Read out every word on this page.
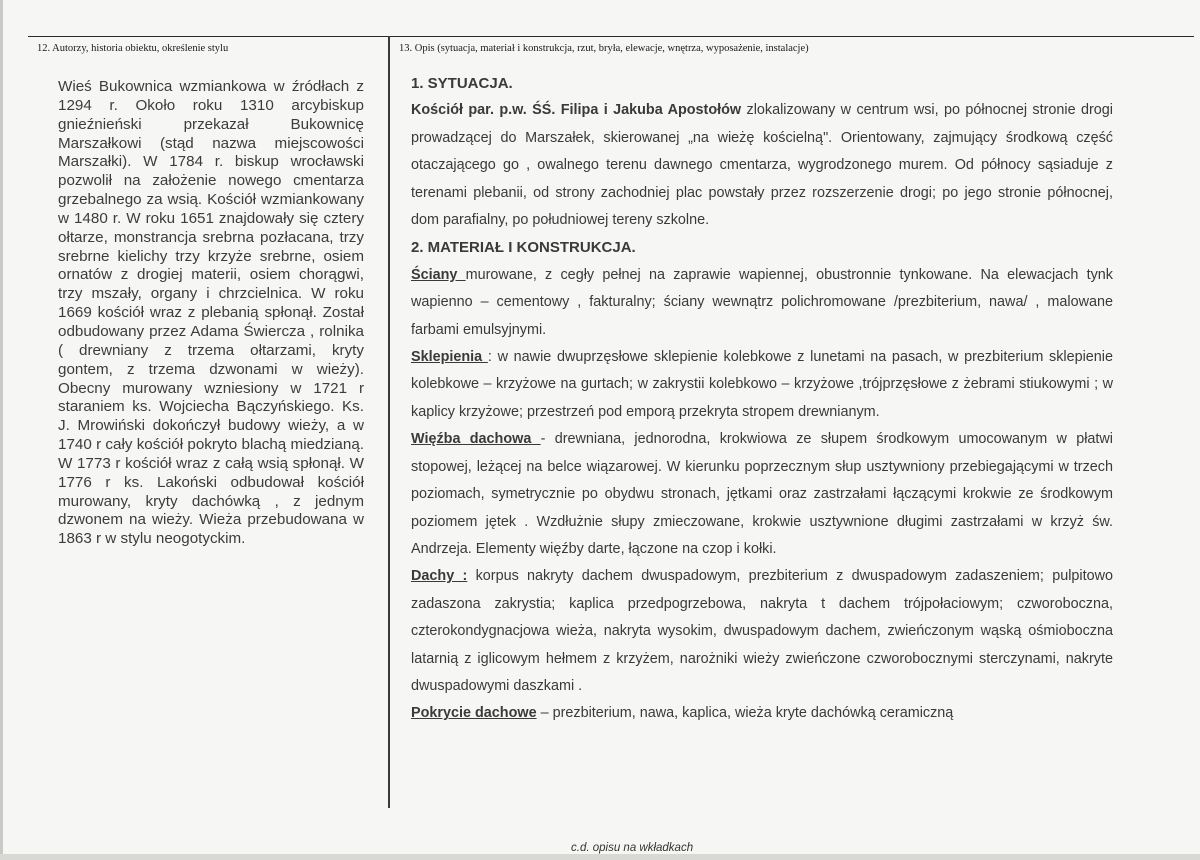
12. Autorzy, historia obiektu, określenie stylu	13. Opis (sytuacja, materiał i konstrukcja, rzut, bryła, elewacje, wnętrza, wyposażenie, instalacje)
Wieś Bukownica wzmiankowa w źródłach z 1294 r. Około roku 1310 arcybiskup gnieźnieński przekazał Bukownicę Marszałkowi (stąd nazwa miejscowości Marszałki). W 1784 r. biskup wrocławski pozwolił na założenie nowego cmentarza grzebalnego za wsią. Kościół wzmiankowany w 1480 r. W roku 1651 znajdowały się cztery ołtarze, monstrancja srebrna pozłacana, trzy srebrne kielichy trzy krzyże srebrne, osiem ornatów z drogiej materii, osiem chorągwi, trzy mszały, organy i chrzcielnica. W roku 1669 kościół wraz z plebanią spłonął. Został odbudowany przez Adama Świercza , rolnika ( drewniany z trzema ołtarzami, kryty gontem, z trzema dzwonami w wieży). Obecny murowany wzniesiony w 1721 r staraniem ks. Wojciecha Bączyńskiego. Ks. J. Mrowiński dokończył budowy wieży, a w 1740 r cały kościół pokryto blachą miedzianą. W 1773 r kościół wraz z całą wsią spłonął. W 1776 r ks. Lakoński odbudował kościół murowany, kryty dachówką , z jednym dzwonem na wieży. Wieża przebudowana w 1863 r w stylu neogotyckim.

1. SYTUACJA.

Kościół par. p.w. ŚŚ. Filipa i Jakuba Apostołów zlokalizowany w centrum wsi, po północnej stronie drogi prowadzącej do Marszałek, skierowanej „na wieżę kościelną". Orientowany, zajmujący środkową część otaczającego go , owalnego terenu dawnego cmentarza, wygrodzonego murem. Od północy sąsiaduje z terenami plebanii, od strony zachodniej plac powstały przez rozszerzenie drogi; po jego stronie północnej, dom parafialny, po południowej tereny szkolne.

2. MATERIAŁ I KONSTRUKCJA.

Ściany murowane, z cegły pełnej na zaprawie wapiennej, obustronnie tynkowane. Na elewacjach tynk wapienno – cementowy , fakturalny; ściany wewnątrz polichromowane /prezbiterium, nawa/ , malowane farbami emulsyjnymi.

Sklepienia : w nawie dwuprzęsłowe sklepienie kolebkowe z lunetami na pasach, w prezbiterium sklepienie kolebkowe – krzyżowe na gurtach; w zakrystii kolebkowo – krzyżowe ,trójprzęsłowe z żebrami stiukowymi ; w kaplicy krzyżowe; przestrzeń pod emporą przekryta stropem drewnianym.

Więźba dachowa - drewniana, jednorodna, krokwiowa ze słupem środkowym umocowanym w płatwi stopowej, leżącej na belce wiązarowej. W kierunku poprzecznym słup usztywniony przebiegającymi w trzech poziomach, symetrycznie po obydwu stronach, jętkami oraz zastrzałami łączącymi krokwie ze środkowym poziomem jętek . Wzdłużnie słupy zmieczowane, krokwie usztywnione długimi zastrzałami w krzyż św. Andrzeja. Elementy więźby darte, łączone na czop i kołki.

Dachy : korpus nakryty dachem dwuspadowym, prezbiterium z dwuspadowym zadaszeniem; pulpitowo zadaszona zakrystia; kaplica przedpogrzebowa, nakryta t dachem trójpołaciowym; czworoboczna, czterokondygnacjowa wieża, nakryta wysokim, dwuspadowym dachem, zwieńczonym wąską ośmioboczna latarnią z iglicowym hełmem z krzyżem, narożniki wieży zwieńczone czworobocznymi sterczynami, nakryte dwuspadowymi daszkami .

Pokrycie dachowe – prezbiterium, nawa, kaplica, wieża kryte dachówką ceramiczną

c.d. opisu na wkładkach
